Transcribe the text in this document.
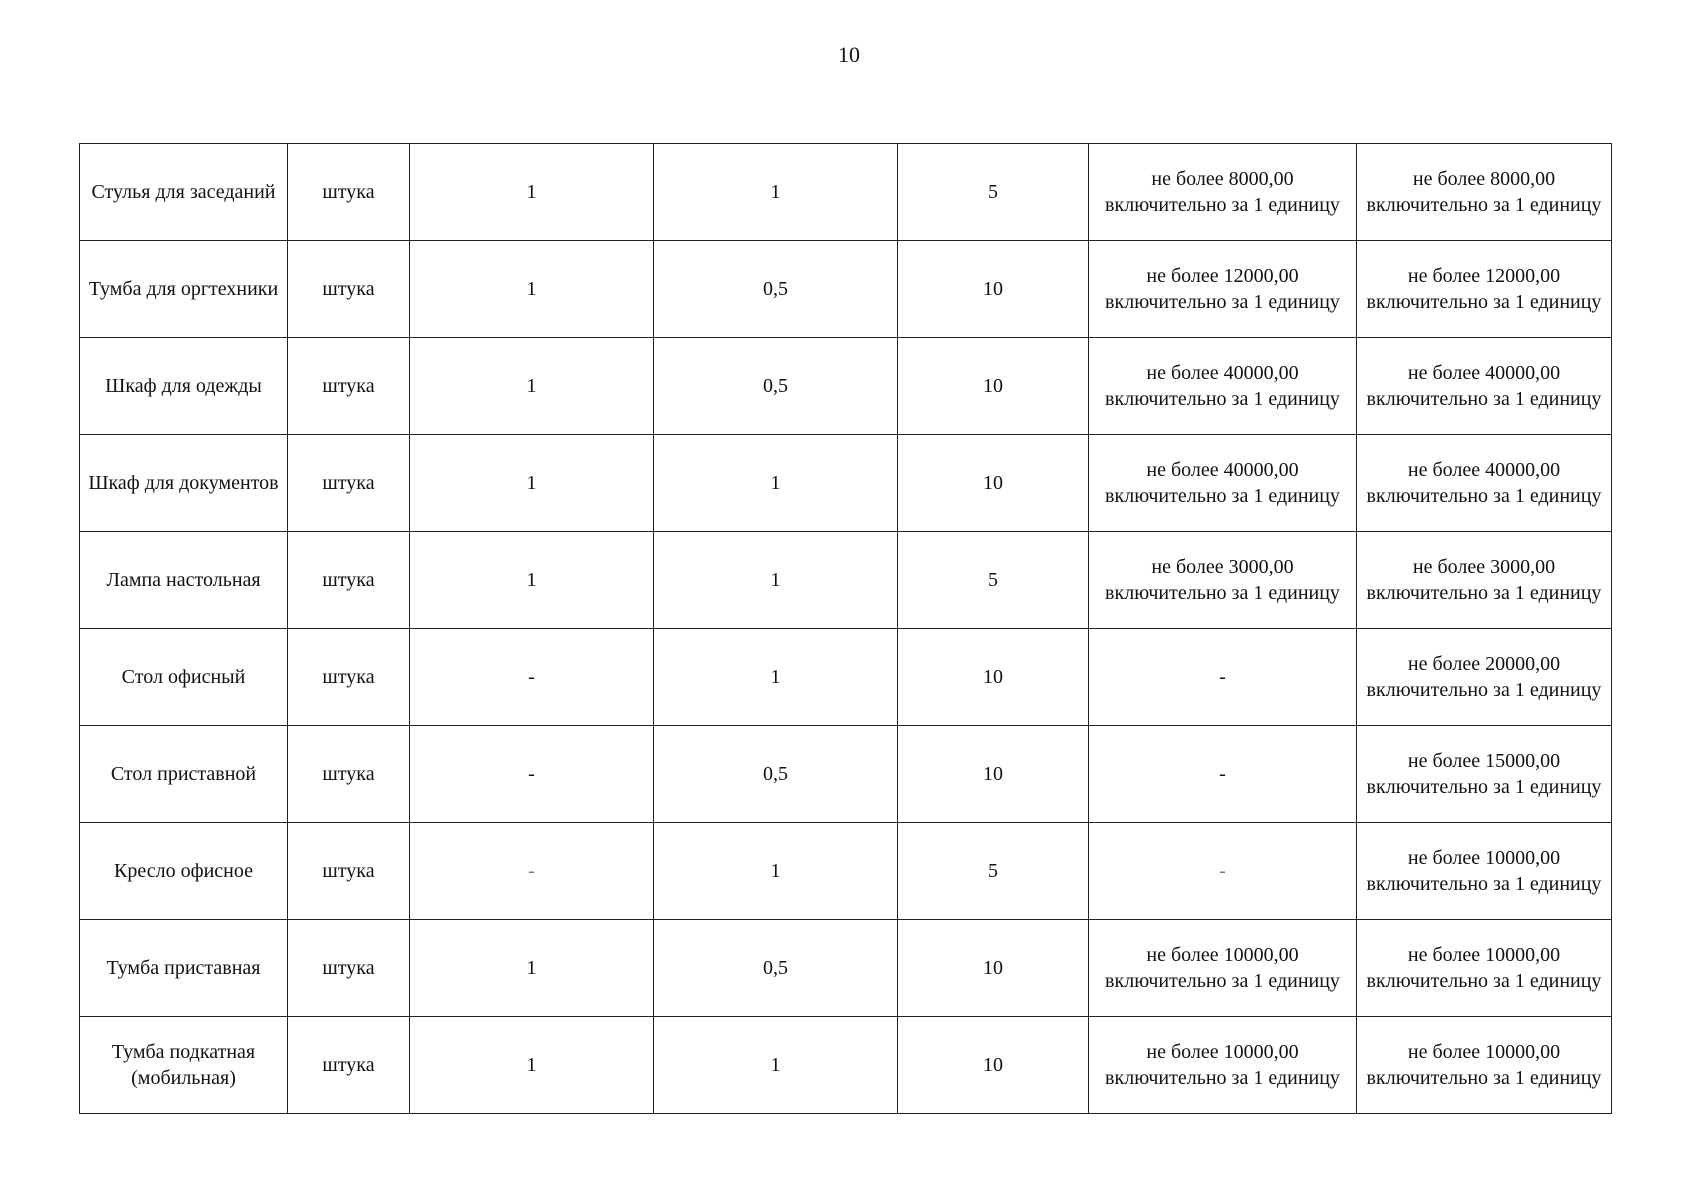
10
Стулья для заседаний	штука	1	1	5	не более 8000,00 включительно за 1 единицу	не более 8000,00 включительно за 1 единицу
Тумба для оргтехники	штука	1	0,5	10	не более 12000,00 включительно за 1 единицу	не более 12000,00 включительно за 1 единицу
Шкаф для одежды	штука	1	0,5	10	не более 40000,00 включительно за 1 единицу	не более 40000,00 включительно за 1 единицу
Шкаф для документов	штука	1	1	10	не более 40000,00 включительно за 1 единицу	не более 40000,00 включительно за 1 единицу
Лампа настольная	штука	1	1	5	не более 3000,00 включительно за 1 единицу	не более 3000,00 включительно за 1 единицу
Стол офисный	штука	-	1	10	-	не более 20000,00 включительно за 1 единицу
Стол приставной	штука	-	0,5	10	-	не более 15000,00 включительно за 1 единицу
Кресло офисное	штука	-	1	5	-	не более 10000,00 включительно за 1 единицу
Тумба приставная	штука	1	0,5	10	не более 10000,00 включительно за 1 единицу	не более 10000,00 включительно за 1 единицу
Тумба подкатная (мобильная)	штука	1	1	10	не более 10000,00 включительно за 1 единицу	не более 10000,00 включительно за 1 единицу
